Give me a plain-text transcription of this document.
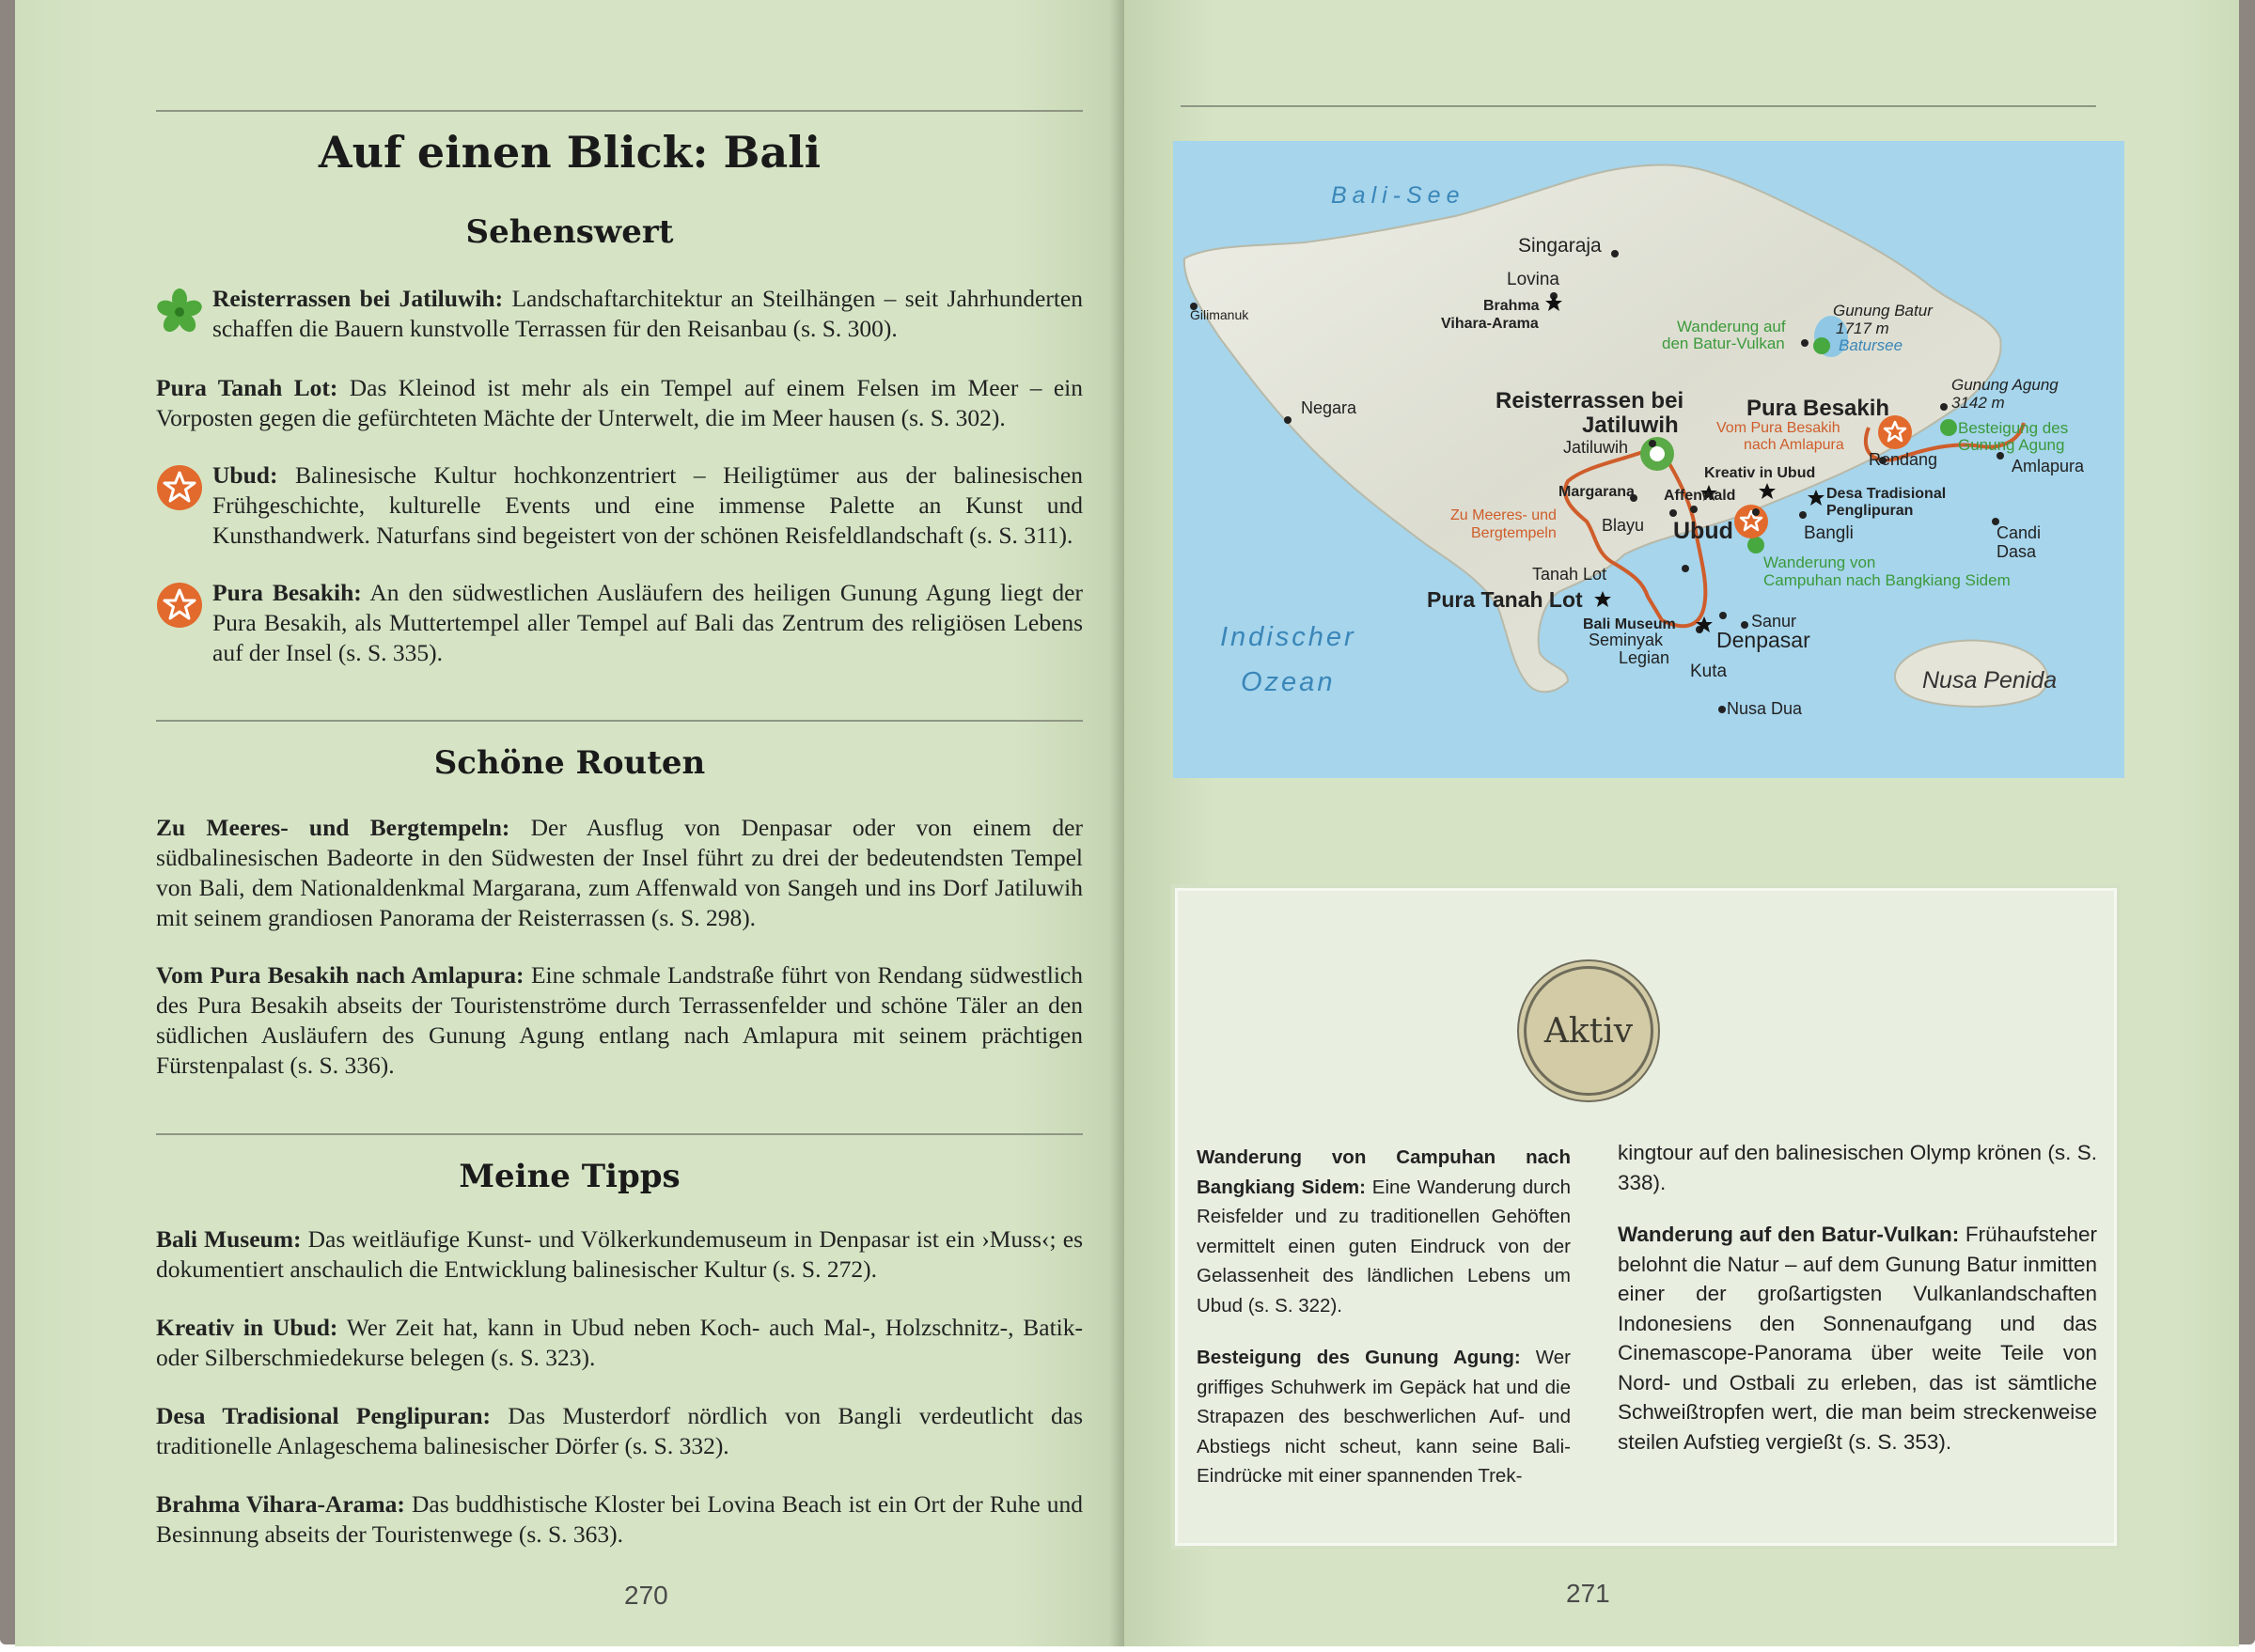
Auf einen Blick: Bali
Sehenswert
Reisterrassen bei Jatiluwih: Landschaftarchitektur an Steilhängen – seit Jahrhunderten schaffen die Bauern kunstvolle Terrassen für den Reisanbau (s. S. 300).
Pura Tanah Lot: Das Kleinod ist mehr als ein Tempel auf einem Felsen im Meer – ein Vorposten gegen die gefürchteten Mächte der Unterwelt, die im Meer hausen (s. S. 302).
Ubud: Balinesische Kultur hochkonzentriert – Heiligtümer aus der balinesischen Frühgeschichte, kulturelle Events und eine immense Palette an Kunst und Kunsthandwerk. Naturfans sind begeistert von der schönen Reisfeldlandschaft (s. S. 311).
Pura Besakih: An den südwestlichen Ausläufern des heiligen Gunung Agung liegt der Pura Besakih, als Muttertempel aller Tempel auf Bali das Zentrum des religiösen Lebens auf der Insel (s. S. 335).
Schöne Routen
Zu Meeres- und Bergtempeln: Der Ausflug von Denpasar oder von einem der südbalinesischen Badeorte in den Südwesten der Insel führt zu drei der bedeutendsten Tempel von Bali, dem Nationaldenkmal Margarana, zum Affenwald von Sangeh und ins Dorf Jatiluwih mit seinem grandiosen Panorama der Reisterrassen (s. S. 298).
Vom Pura Besakih nach Amlapura: Eine schmale Landstraße führt von Rendang südwestlich des Pura Besakih abseits der Touristenströme durch Terrassenfelder und schöne Täler an den südlichen Ausläufern des Gunung Agung entlang nach Amlapura mit seinem prächtigen Fürstenpalast (s. S. 336).
Meine Tipps
Bali Museum: Das weitläufige Kunst- und Völkerkundemuseum in Denpasar ist ein ›Muss‹; es dokumentiert anschaulich die Entwicklung balinesischer Kultur (s. S. 272).
Kreativ in Ubud: Wer Zeit hat, kann in Ubud neben Koch- auch Mal-, Holzschnitz-, Batik- oder Silberschmiedekurse belegen (s. S. 323).
Desa Tradisional Penglipuran: Das Musterdorf nördlich von Bangli verdeutlicht das traditionelle Anlageschema balinesischer Dörfer (s. S. 332).
Brahma Vihara-Arama: Das buddhistische Kloster bei Lovina Beach ist ein Ort der Ruhe und Besinnung abseits der Touristenwege (s. S. 363).
270	271
Bali-See
Indischer
Ozean	Nusa Penida
Singaraja
Lovina
Brahma
Vihara-Arama
Gilimanuk
Negara	Reisterrassen bei
Jatiluwih
Jatiluwih
Margarana Affenwald
Kreativ in Ubud
Blayu Ubud
Tanah Lot
Pura Tanah Lot
Bali Museum
Seminyak
Legian
Kuta
Sanur
Denpasar
Nusa Dua
Pura Besakih
Rendang	Amlapura
Candi
Dasa
Bangli
Desa Tradisional
Penglipuran
Gunung Batur
1717 m
Batursee
Gunung Agung
3142 m
Zu Meeres- und
Bergtempeln
Vom Pura Besakih
nach Amlapura
Wanderung auf
den Batur-Vulkan
Besteigung des
Gunung Agung
Wanderung von
Campuhan nach Bangkiang Sidem
Aktiv

Wanderung von Campuhan nach Bangkiang Sidem: Eine Wanderung durch Reisfelder und zu traditionellen Gehöften vermittelt einen guten Eindruck von der Gelassenheit des ländlichen Lebens um Ubud (s. S. 322).

Besteigung des Gunung Agung: Wer griffiges Schuhwerk im Gepäck hat und die Strapazen des beschwerlichen Auf- und Abstiegs nicht scheut, kann seine Bali-Eindrücke mit einer spannenden Trek-

kingtour auf den balinesischen Olymp krönen (s. S. 338).

Wanderung auf den Batur-Vulkan: Frühaufsteher belohnt die Natur – auf dem Gunung Batur inmitten einer der großartigsten Vulkanlandschaften Indonesiens den Sonnenaufgang und das Cinemascope-Panorama über weite Teile von Nord- und Ostbali zu erleben, das ist sämtliche Schweißtropfen wert, die man beim streckenweise steilen Aufstieg vergießt (s. S. 353).
